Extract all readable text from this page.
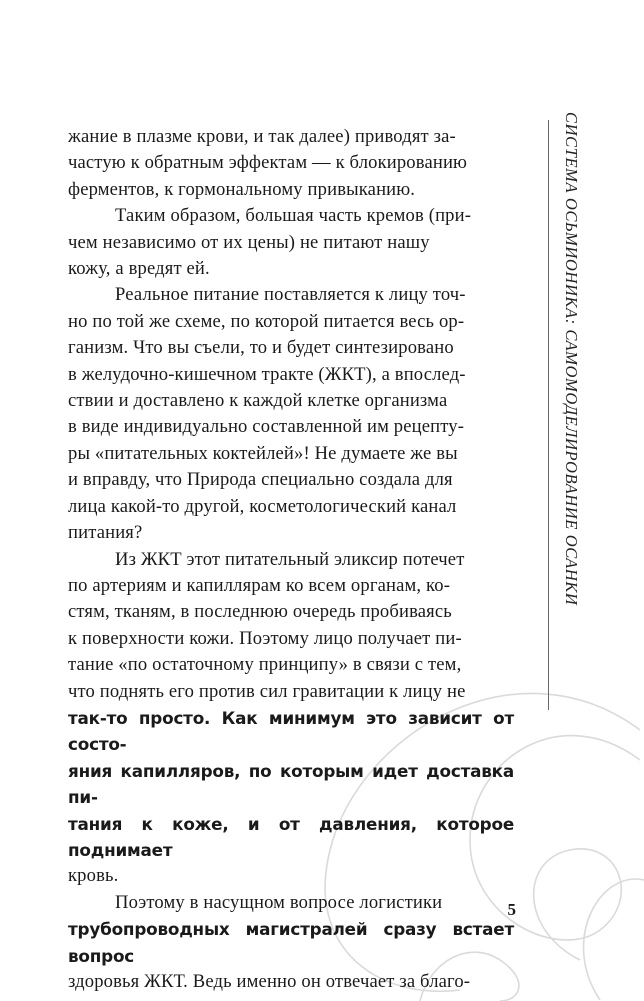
СИСТЕМА ОСЬМИОНИКА: САМОМОДЕЛИРОВАНИЕ ОСАНКИ

жание в плазме крови, и так далее) приводят за-

частую к обратным эффектам — к блокированию

ферментов, к гормональному привыканию.

Таким образом, большая часть кремов (при-

чем независимо от их цены) не питают нашу

кожу, а вредят ей.

Реальное питание поставляется к лицу точ-

но по той же схеме, по которой питается весь ор-

ганизм. Что вы съели, то и будет синтезировано

в желудочно-кишечном тракте (ЖКТ), а впослед-

ствии и доставлено к каждой клетке организма

в виде индивидуально составленной им рецепту-

ры «питательных коктейлей»! Не думаете же вы

и вправду, что Природа специально создала для

лица какой-то другой, косметологический канал

питания?

Из ЖКТ этот питательный эликсир потечет

по артериям и капиллярам ко всем органам, ко-

стям, тканям, в последнюю очередь пробиваясь

к поверхности кожи. Поэтому лицо получает пи-

тание «по остаточному принципу» в связи с тем,

что поднять его против сил гравитации к лицу не

так-то просто. Как минимум это зависит от состо-

яния капилляров, по которым идет доставка пи-

тания к коже, и от давления, которое поднимает

кровь.

Поэтому в насущном вопросе логистики

трубопроводных магистралей сразу встает вопрос

здоровья ЖКТ. Ведь именно он отвечает за благо-

5
